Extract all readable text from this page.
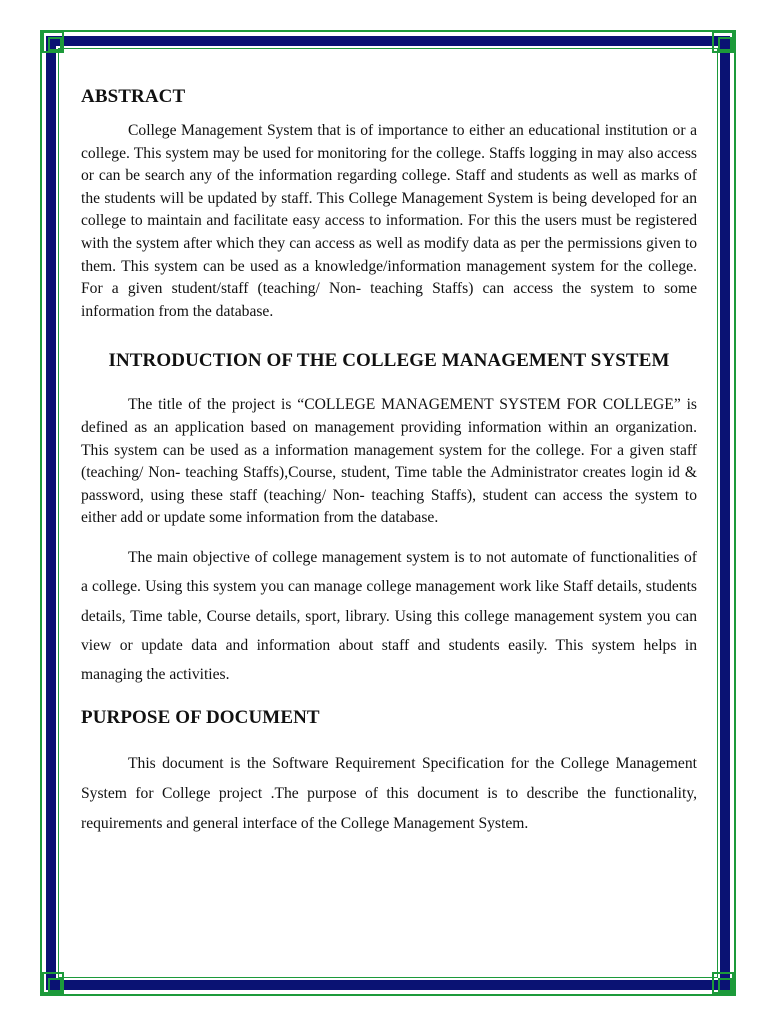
ABSTRACT

College Management System that is of importance to either an educational institution or a college. This system may be used for monitoring for the college. Staffs logging in may also access or can be search any of the information regarding college. Staff and students as well as marks of the students will be updated by staff. This College Management System is being developed for an college to maintain and facilitate easy access to information. For this the users must be registered with the system after which they can access as well as modify data as per the permissions given to them. This system can be used as a knowledge/information management system for the college. For a given student/staff (teaching/ Non- teaching Staffs) can access the system to some information from the database.

INTRODUCTION OF THE COLLEGE MANAGEMENT SYSTEM

The title of the project is “COLLEGE MANAGEMENT SYSTEM FOR COLLEGE” is defined as an application based on management providing information within an organization. This system can be used as a information management system for the college. For a given staff (teaching/ Non- teaching Staffs),Course, student, Time table the Administrator creates login id & password, using these staff (teaching/ Non- teaching Staffs), student can access the system to either add or update some information from the database.

The main objective of college management system is to not automate of functionalities of a college. Using this system you can manage college management work like Staff details, students details, Time table, Course details, sport, library. Using this college management system you can view or update data and information about staff and students easily. This system helps in managing the activities.

PURPOSE OF DOCUMENT

This document is the Software Requirement Specification for the College Management System for College project .The purpose of this document is to describe the functionality, requirements and general interface of the College Management System.
